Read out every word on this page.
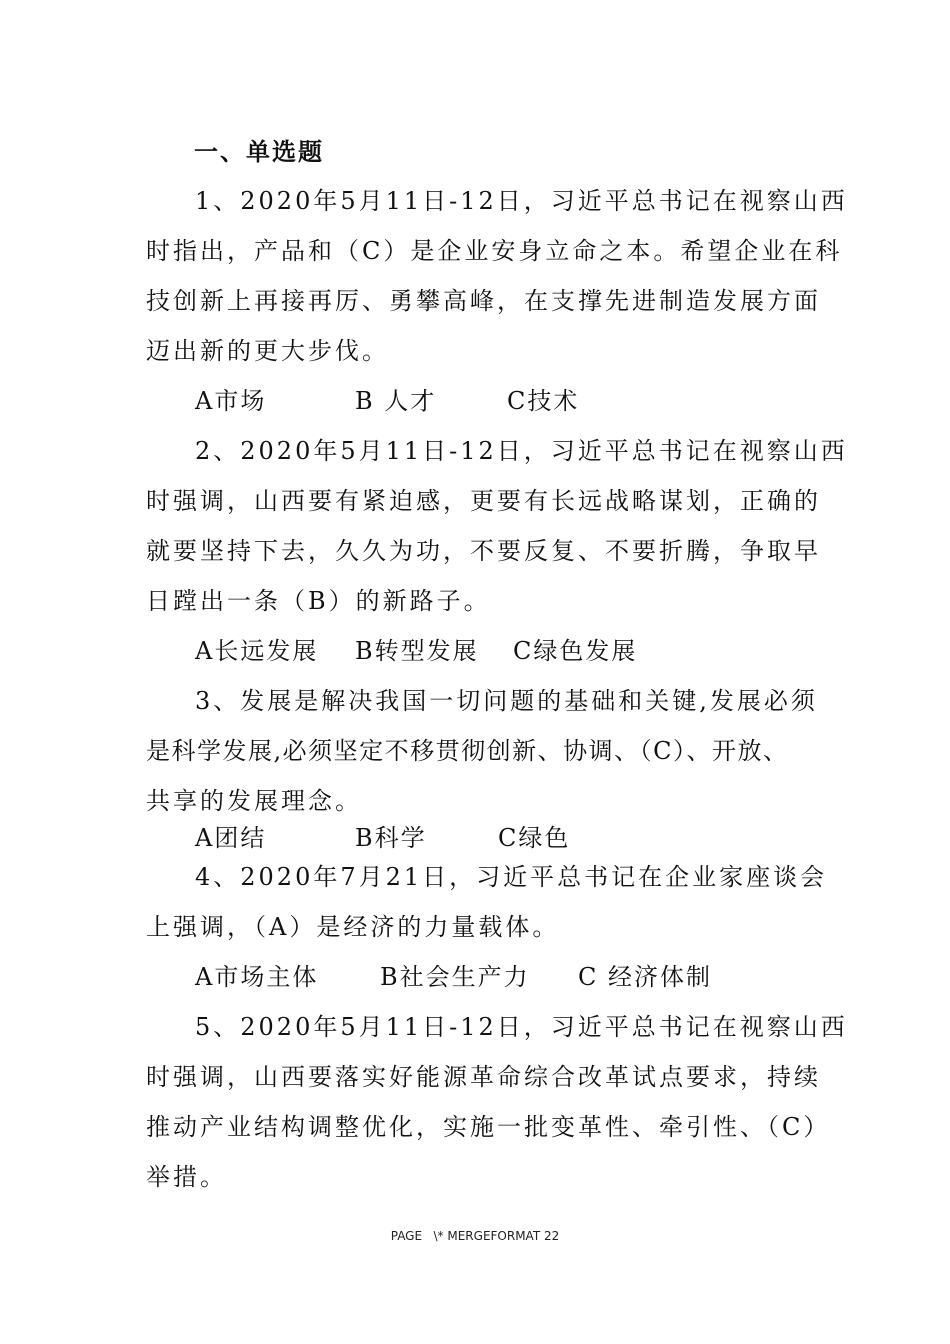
一、单选题
1、2020年5月11日-12日，习近平总书记在视察山西
时指出，产品和（C）是企业安身立命之本。希望企业在科
技创新上再接再厉、勇攀高峰，在支撑先进制造发展方面
迈出新的更大步伐。
A市场	B 人才	C技术
2、2020年5月11日-12日，习近平总书记在视察山西
时强调，山西要有紧迫感，更要有长远战略谋划，正确的
就要坚持下去，久久为功，不要反复、不要折腾，争取早
日蹚出一条（B）的新路子。
A长远发展 B转型发展 C绿色发展
3、发展是解决我国一切问题的基础和关键,发展必须
是科学发展,必须坚定不移贯彻创新、协调、（C）、开放、
共享的发展理念。
A团结	B科学	C绿色
4、2020年7月21日，习近平总书记在企业家座谈会
上强调，（A）是经济的力量载体。
A市场主体	B社会生产力 C 经济体制
5、2020年5月11日-12日，习近平总书记在视察山西
时强调，山西要落实好能源革命综合改革试点要求，持续
推动产业结构调整优化，实施一批变革性、牵引性、（C）
举措。
PAGE   \* MERGEFORMAT 22
